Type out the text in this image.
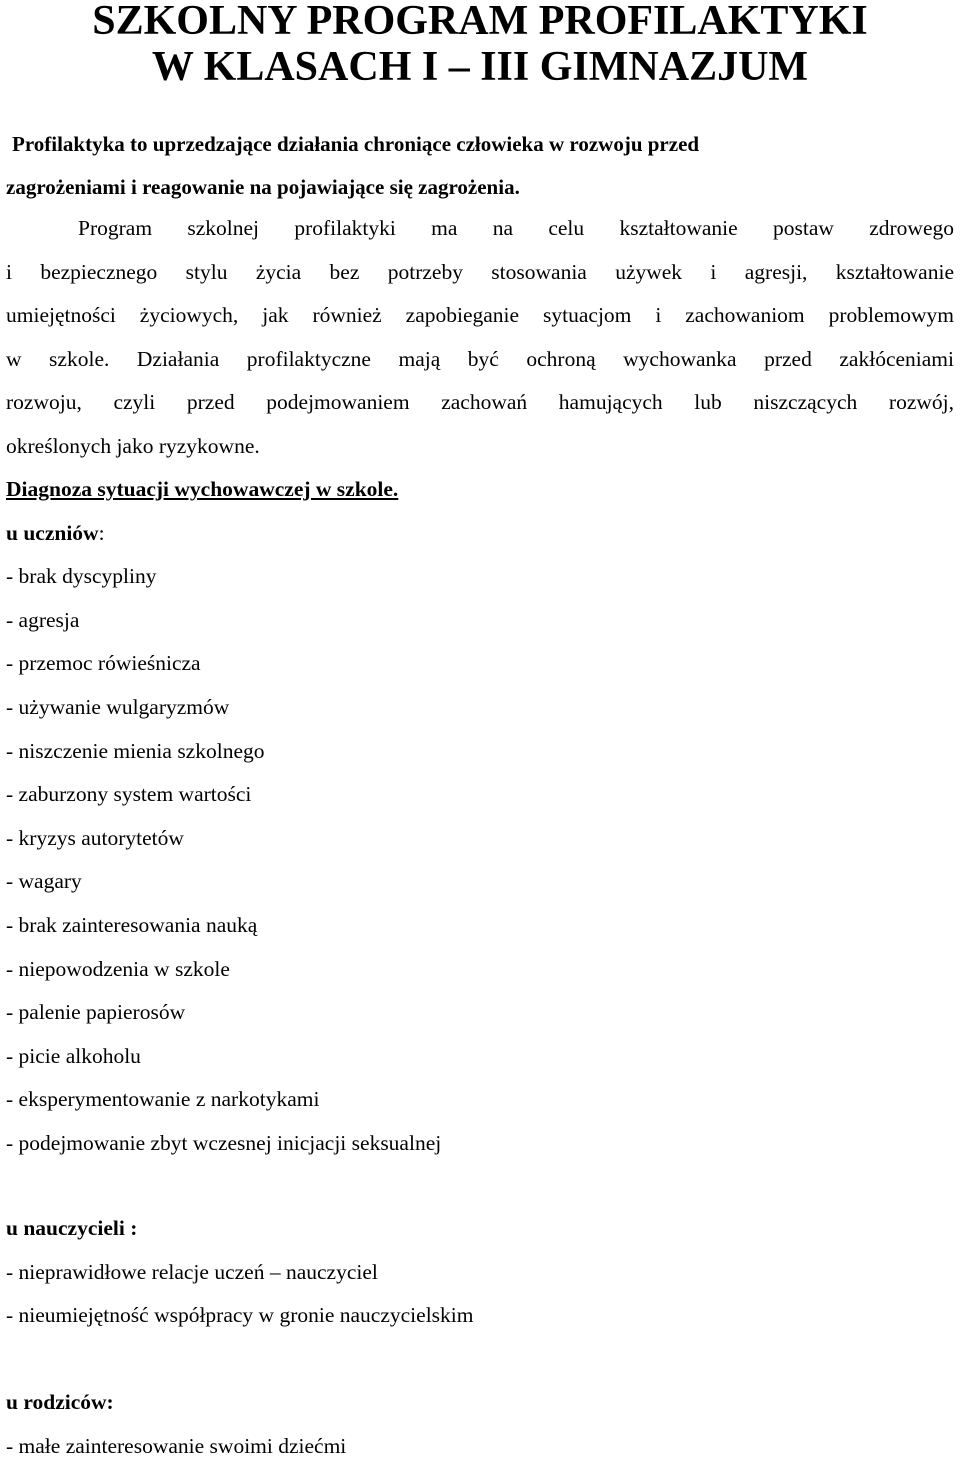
SZKOLNY PROGRAM PROFILAKTYKI
W KLASACH I – III GIMNAZJUM
Profilaktyka to uprzedzające działania chroniące człowieka w rozwoju przed
zagrożeniami i reagowanie na pojawiające się zagrożenia.
Program szkolnej profilaktyki ma na celu kształtowanie postaw zdrowego
i bezpiecznego stylu życia bez potrzeby stosowania używek i agresji, kształtowanie
umiejętności życiowych, jak również zapobieganie sytuacjom i zachowaniom problemowym
w szkole. Działania profilaktyczne mają być ochroną wychowanka przed zakłóceniami
rozwoju, czyli przed podejmowaniem zachowań hamujących lub niszczących rozwój,
określonych jako ryzykowne.
Diagnoza sytuacji wychowawczej w szkole.
u uczniów:
- brak dyscypliny
- agresja
- przemoc rówieśnicza
- używanie wulgaryzmów
- niszczenie mienia szkolnego
- zaburzony system wartości
- kryzys autorytetów
- wagary
- brak zainteresowania nauką
- niepowodzenia w szkole
- palenie papierosów
- picie alkoholu
- eksperymentowanie z narkotykami
- podejmowanie zbyt wczesnej inicjacji seksualnej
u nauczycieli :
- nieprawidłowe relacje uczeń – nauczyciel
- nieumiejętność współpracy w gronie nauczycielskim
u rodziców:
- małe zainteresowanie swoimi dziećmi
